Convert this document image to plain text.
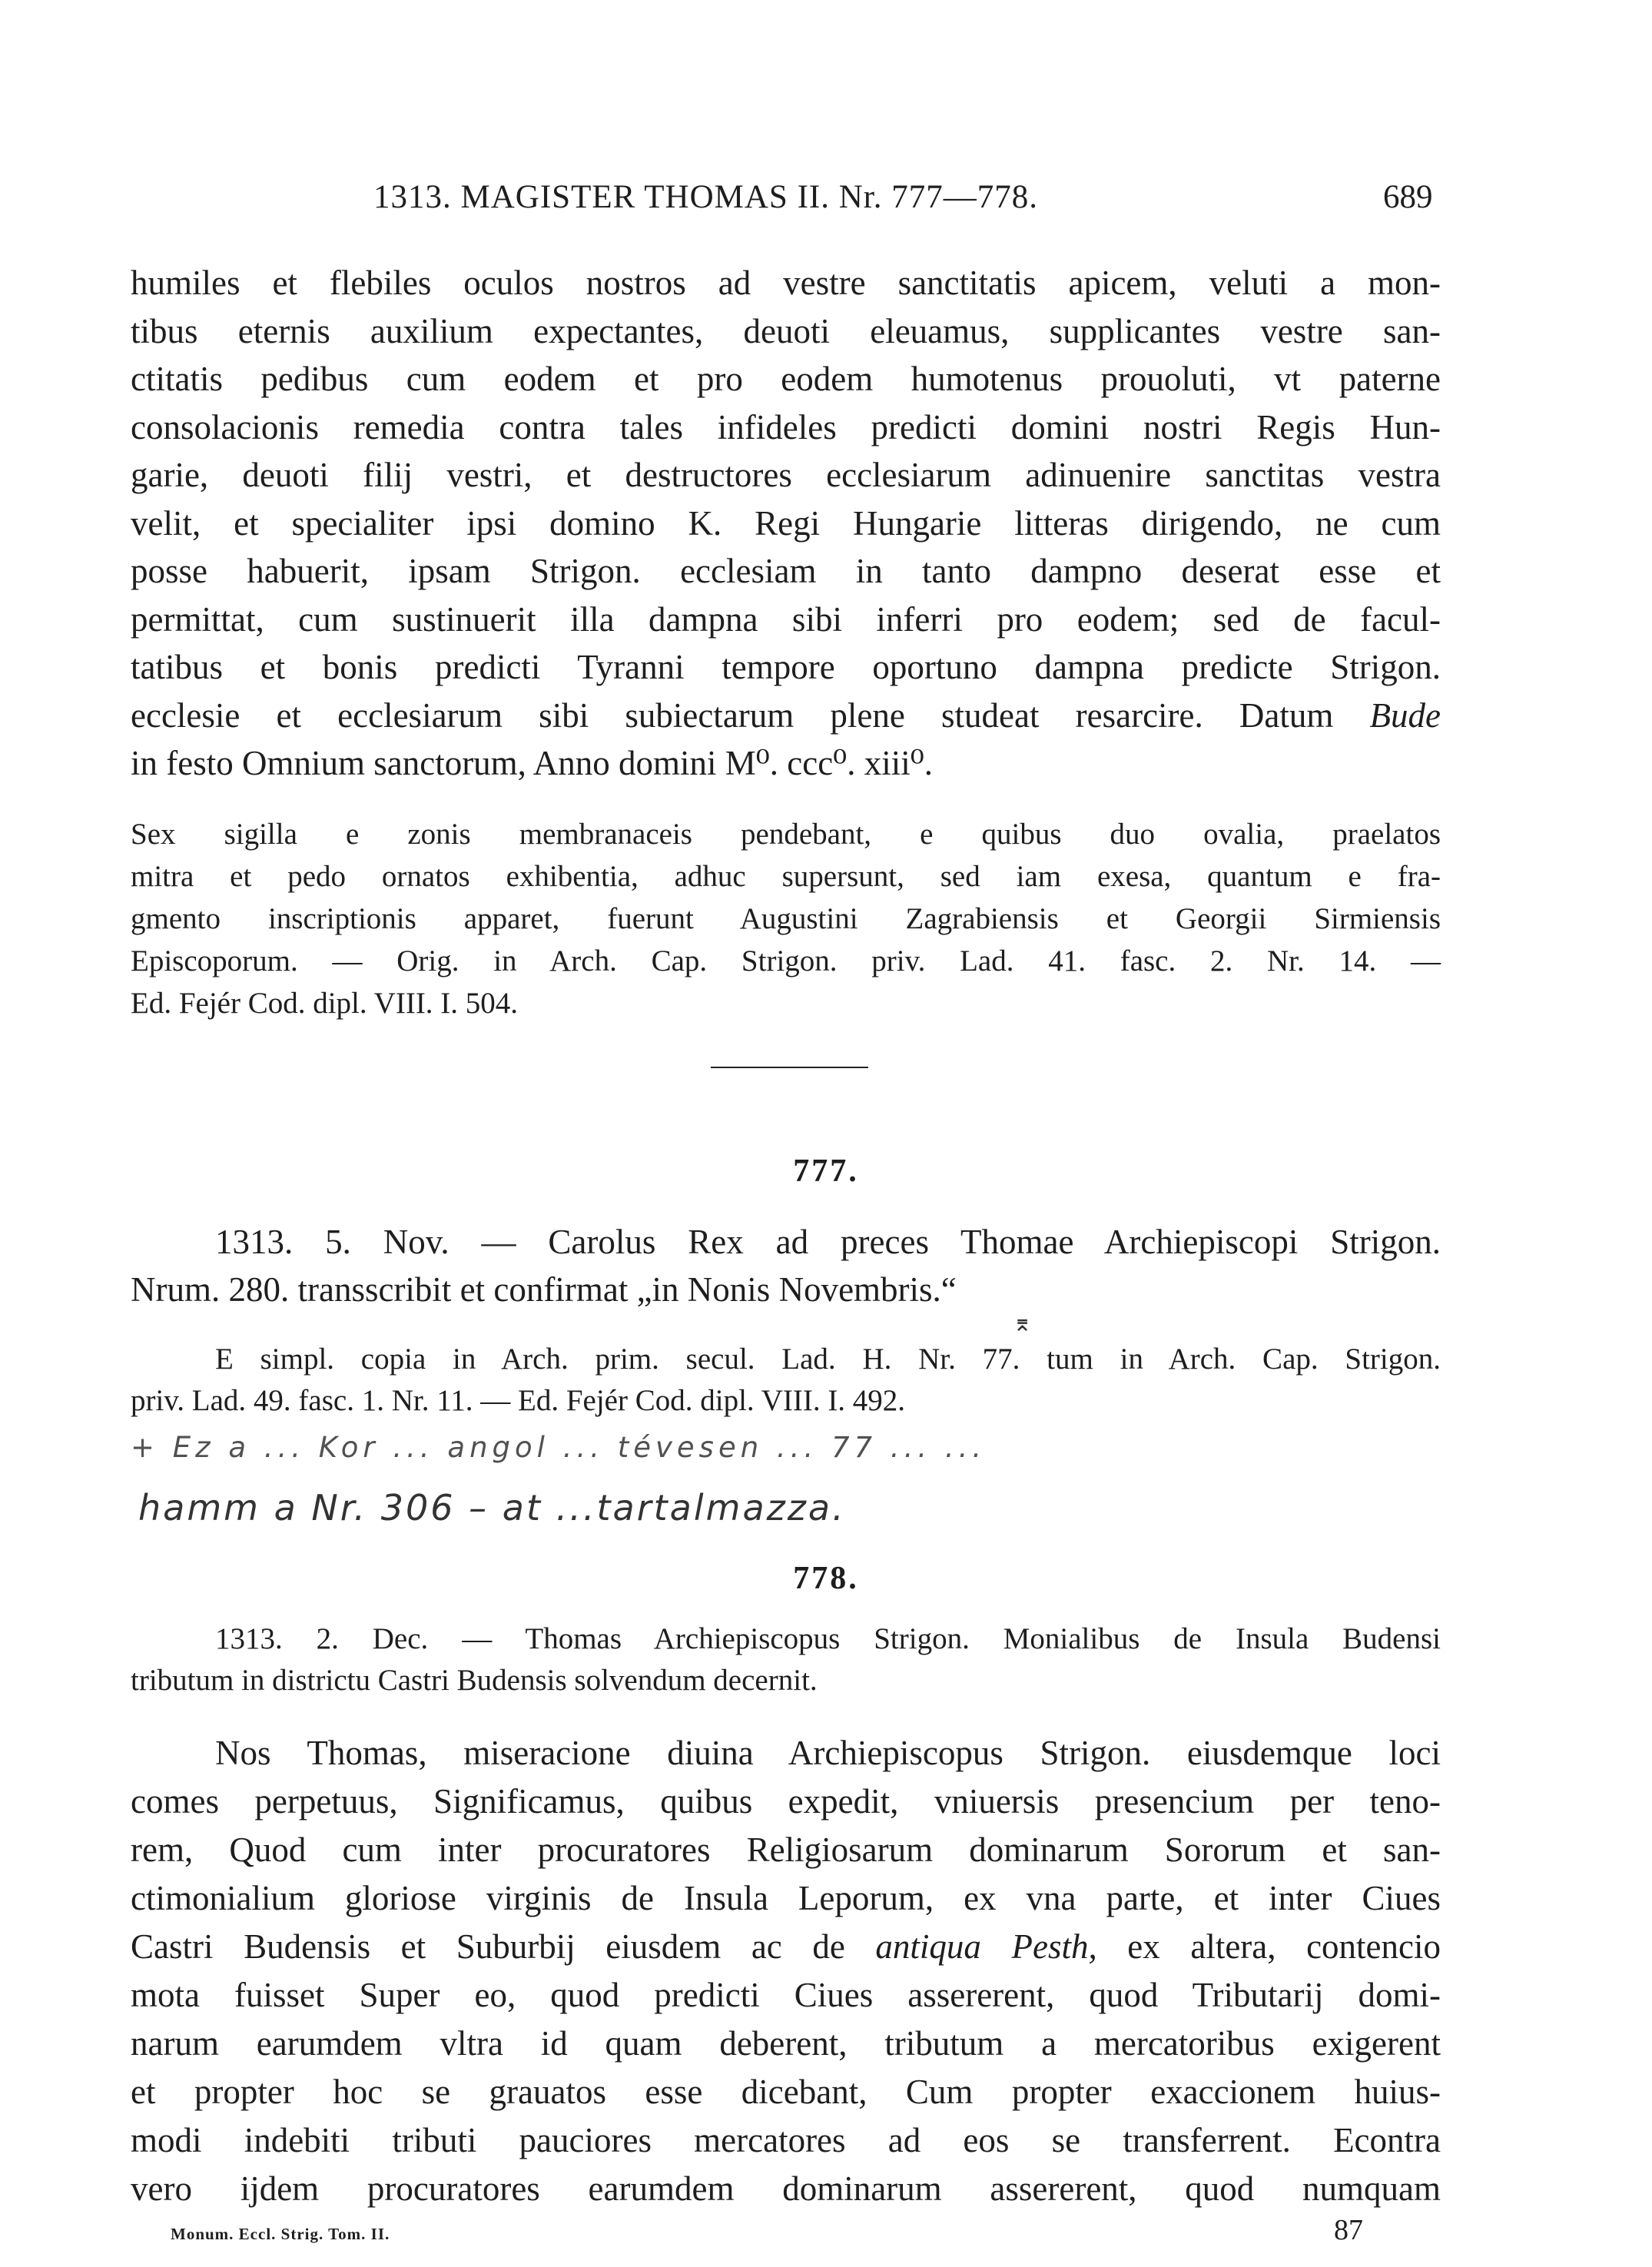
1313. MAGISTER THOMAS II. Nr. 777—778.	689
humiles et flebiles oculos nostros ad vestre sanctitatis apicem, veluti a mon-
tibus eternis auxilium expectantes, deuoti eleuamus, supplicantes vestre san-
ctitatis pedibus cum eodem et pro eodem humotenus prouoluti, vt paterne
consolacionis remedia contra tales infideles predicti domini nostri Regis Hun-
garie, deuoti filij vestri, et destructores ecclesiarum adinuenire sanctitas vestra
velit, et specialiter ipsi domino K. Regi Hungarie litteras dirigendo, ne cum
posse habuerit, ipsam Strigon. ecclesiam in tanto dampno deserat esse et
permittat, cum sustinuerit illa dampna sibi inferri pro eodem; sed de facul-
tatibus et bonis predicti Tyranni tempore oportuno dampna predicte Strigon.
ecclesie et ecclesiarum sibi subiectarum plene studeat resarcire. Datum Bude
in festo Omnium sanctorum, Anno domini M⁰. ccc⁰. xiii⁰.
Sex sigilla e zonis membranaceis pendebant, e quibus duo ovalia, praelatos
mitra et pedo ornatos exhibentia, adhuc supersunt, sed iam exesa, quantum e fra-
gmento inscriptionis apparet, fuerunt Augustini Zagrabiensis et Georgii Sirmiensis
Episcoporum. — Orig. in Arch. Cap. Strigon. priv. Lad. 41. fasc. 2. Nr. 14. —
Ed. Fejér Cod. dipl. VIII. I. 504.
777.
1313. 5. Nov. — Carolus Rex ad preces Thomae Archiepiscopi Strigon.
Nrum. 280. transscribit et confirmat „in Nonis Novembris.“
⌆
E simpl. copia in Arch. prim. secul. Lad. H. Nr. 77. tum in Arch. Cap. Strigon.
priv. Lad. 49. fasc. 1. Nr. 11. — Ed. Fejér Cod. dipl. VIII. I. 492.
+ Ez a ... Kor ... angol ... tévesen ... 77 ... ...
hamm a Nr. 306 – at ...tartalmazza.
778.
1313. 2. Dec. — Thomas Archiepiscopus Strigon. Monialibus de Insula Budensi
tributum in districtu Castri Budensis solvendum decernit.
Nos Thomas, miseracione diuina Archiepiscopus Strigon. eiusdemque loci
comes perpetuus, Significamus, quibus expedit, vniuersis presencium per teno-
rem, Quod cum inter procuratores Religiosarum dominarum Sororum et san-
ctimonialium gloriose virginis de Insula Leporum, ex vna parte, et inter Ciues
Castri Budensis et Suburbij eiusdem ac de antiqua Pesth, ex altera, contencio
mota fuisset Super eo, quod predicti Ciues assererent, quod Tributarij domi-
narum earumdem vltra id quam deberent, tributum a mercatoribus exigerent
et propter hoc se grauatos esse dicebant, Cum propter exaccionem huius-
modi indebiti tributi pauciores mercatores ad eos se transferrent. Econtra
vero ijdem procuratores earumdem dominarum assererent, quod numquam
Monum. Eccl. Strig. Tom. II.	87
